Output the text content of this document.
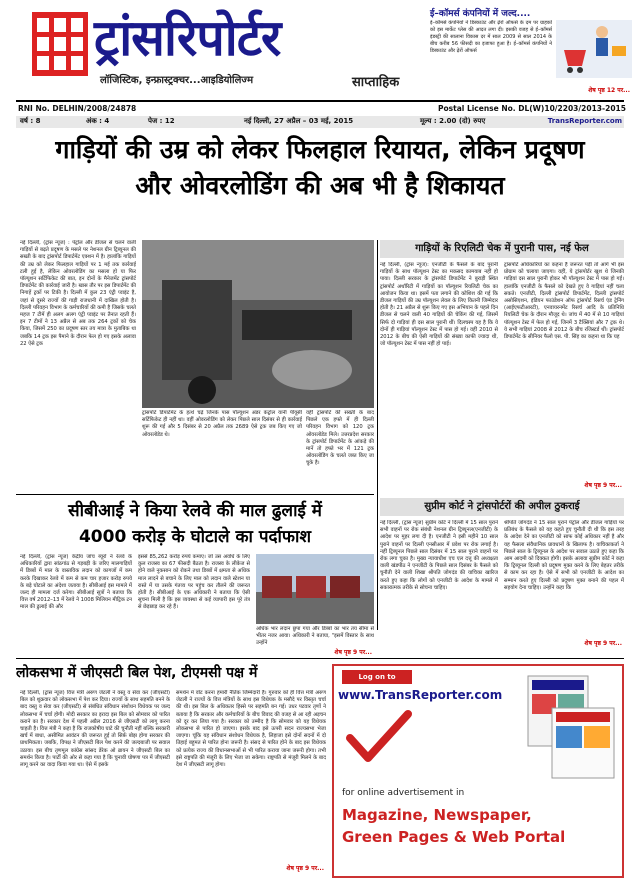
ट्रांसरिपोर्टर
लॉजिस्टिक, इन्फ्रास्ट्रक्चर...आइडियोलिज्म	साप्ताहिक
ई–कॉमर्स कंपनियों में जल्द....
ई–कॉमर्स कंपनियों ने डिस्काउंट और ढ़ेरों ऑफर्स के दम पर ग्राहकों को इस मार्केट प्लेस की आदत लगा दी। इसकी वजह से ई–कॉमर्स इंडस्ट्री की सालाना विकास दर में साल 2009 से साल 2014 के बीच करीब 56 फीसदी का इजाफा हुआ है। ई–कॉमर्स कंपनियों ने डिस्काउंट और ढ़ेरों ऑफर्स
शेष पृष्ठ 12 पर...
RNI No. DELHIN/2008/24878	Postal License No. DL(W)10/2203/2013-2015
वर्ष : 8	अंक : 4	पेज : 12	नई दिल्ली, 27 अप्रैल – 03 मई, 2015	मूल्य : 2.00 (दो) रुपए	TransReporter.com
गाड़ियों की उम्र को लेकर फिलहाल रियायत, लेकिन प्रदूषण
और ओवरलोडिंग की अब भी है शिकायत
नई दिल्ली, (ट्रांस न्यूज) : पेट्रोल और डीजल से चलने वाली गाड़ियों से बढ़ते प्रदूषण के मसले पर नेशनल ग्रीन ट्रिब्यूनल की सख्ती के बाद ट्रांसपोर्ट डिपार्टमेंट एक्शन में है। हालांकि गाड़ियों की उम्र को लेकर फिलहाल गाड़ियों पर 1 मई तक कार्रवाई टली हुई है, लेकिन ओवरलोडिंग का मसला हो या फिर पॉल्यूशन सर्टिफिकेट की बात, इन दोनों के मैनेजमेंट ट्रांसपोर्ट डिपार्टमेंट की कार्रवाई जारी है। खास तौर पर इस डिपार्टमेंट की निगाहें ट्रकों पर टिकी है। दिल्ली में कुल 23 एंट्री प्वाइंट है, जहां से दूसरे राज्यों की गाड़ी राजधानी में दाखिल होती है। दिल्ली परिवहन विभाग के कर्मचारियों की कमी है जिसके चलते महज 7 टीमें ही अलग अलग एंट्री प्वाइंट पर तैनात रहती हैं। इन 7 टीमों ने 13 अप्रैल से अब तक 264 ट्रकों को चेक किया, जिसमें 250 का प्रदूषण स्तर तय मात्रा के मुताबिक था जबकि 14 ट्रक इस पैमाने के दौरान फेल हो गए इसके अलावा 22 ऐसे ट्रक
ट्रांसपोर्ट डिपार्टमेंट के हत्थे चढ़े जिनके पास पॉल्यूशन अंडर कंट्रोल यानी पीयूसी सर्टिफिकेट ही नहीं था। वहीं ओवरलोडिंग को लेकर पिछले साल दिसंबर से ही कार्रवाई शुरू की गई और 5 दिसंबर से 20 अप्रैल तक 2689 ऐसे ट्रक जब किए गए जो ओवरलोडेड थे।
वहीं ट्रांसपोर्ट की सख्ती के बाद पिछले एक हफ्ते में ही दिल्ली परिवहन विभाग को 120 ट्रक ओवरलोडेड मिले। उत्तरप्रदेश सरकार के ट्रांसपोर्ट डिपार्टमेंट के आंकड़े की मानें तो हफ्ते भर में 121 ट्रक ओवरलोडिंग के चलते जब्त किए जा चुके है।
गाड़ियों के रिएलिटी चेक में पुरानी पास, नई फेल
नई दिल्ली, (ट्रांस न्यूज): एनजीटी के फैसले के बाद पुरानी गाड़ियों के साथ पॉल्यूशन टेस्ट का मकसद कामयाब नहीं हो पाया। दिल्ली सरकार के ट्रांसपोर्ट डिपार्टमेंट ने बुराड़ी स्थित ट्रांसपोर्ट अथॉरिटी में गाड़ियों का पॉल्यूशन रियलिटी चेक का आयोजन किया था। इसमें पता लगाने की कोशिश की गई कि डीजल गाड़ियों की उम्र पॉल्यूशन लेवल के लिए कितनी जिम्मेदार होती है। 21 अप्रैल से शुरू किए गए इस अभियान के पहले दिन डीजल से चलने वाली 40 गाड़ियों की चेकिंग की गई, जिसमें सिर्फ दो गाड़ियां ही दस साल पुरानी थीं। दिलचस्प यह है कि ये दोनों ही गाड़ियां पॉल्यूशन टेस्ट में पास हो गई। वहीं 2010 से 2012 के बीच की ऐसी गाड़ियों की संख्या काफी ज्यादा थी, जो पॉल्यूशन टेस्ट में पास नहीं हो पाई।
ट्रांसपोर्ट अधिकारियों का कहना है जरूरत पड़ी तो आगे भी इस प्रोग्राम को चलाया जाएगा। वहीं, ये ट्रांसपोर्टर खुश थे जिनकी गाड़ियां दस साल पुरानी होकर भी पॉल्यूशन टेस्ट में पास हो गईं। हालांकि एनजीटी के फैसले को देखते हुए वे गाड़ियां नहीं चला सकते। एनजीटी, दिल्ली ट्रांसपोर्ट डिपार्टमेंट, दिल्ली ट्रांसपोर्ट असोसिएशन, इंडियन फाउंडेशन ऑफ ट्रांसपोर्ट रिसर्च एंड ट्रेनिंग (आईएफटीआरटी), एनवायरनमेंट रिसर्च आदि के प्रतिनिधि रियलिटी चेक के दौरान मौजूद थे। जांच में 40 में से 10 गाड़ियां पॉल्यूशन टेस्ट में फेल हो गईं, जिनमें 3 टैक्सियां और 7 ट्रक थे। ये सभी गाड़ियां 2008 से 2012 के बीच रजिस्टर्ड थीं। ट्रांसपोर्ट डिपार्टमेंट के सीनियर फैलो एस. पी. सिंह का कहना था कि यह
शेष पृष्ठ 9 पर...
सीबीआई ने किया रेलवे की माल ढुलाई में
4000 करोड़ के घोटाले का पर्दाफाश
नई दिल्ली, (ट्रांस न्यूज) केंद्रीय जांच ब्यूरो ने रेलवे के अधिकारियों द्वारा सांठगांठ से गड़बड़ी के जरिए मालगाड़ियों में डिब्बों में माल के वास्तविक लदान को कागजों में कम करके दिखाकर रेलवे में कम से कम चार हजार करोड़ रुपये के बड़े घोटाले का अंदेशा जताया है। सीबीआई इस मामले में जल्द ही मामला दर्ज करेगा। सीबीआई सूत्रों ने बताया कि वित्त वर्ष 2012–13 में रेलवे ने 1008 मिलियन मीट्रिक टन माल की ढुलाई की और
इससे 85,262 करोड़ रुपये कमाए। जो उस अवधि के लिए कुल राजस्व का 67 फीसदी बैठता है। राजस्व के लीकेज से होने वाले नुकसान को रोकने तथा डिब्बों में क्षमता से अधिक माल लादने से बचाने के लिए माल को लदान वाले स्टेशन या रास्ते में या उसके गंतव्य पर पहुंच कर तौलने की जरूरत होती है। सीबीआई के एक अधिकारी ने बताया कि ऐसी सूचना मिली है कि इस व्यवस्था से कई व्यापारी इस पूरे तंत्र से छेड़छाड़ कर रहे हैं।
अधिक भार लदान छुपा गया और डिब्बों का भार तय सीमा से भीतर नजर आया। अधिकारी ने बताया, "इसमें विस्तार के साथ उन्होंने
शेष पृष्ठ 9 पर...
सुप्रीम कोर्ट ने ट्रांसपोर्टरों की अपील ठुकराई
नई दिल्ली, (ट्रांस न्यूज) सुप्रीम कोर्ट ने दिल्ली में 15 साल पुराने सभी वाहनों पर रोक संबंधी नेशनल ग्रीन ट्रिब्यूनल(एनजीटी) के आदेश पर मुहर लगा दी है। एनजीटी ने इसी महीने 10 साल पुराने वाहनों पर दिल्ली एनसीआर में प्रवेश पर रोक लगाई है। नहीं ट्रिब्यूनल पिछले साल दिसंबर में 15 साल पुराने वाहनों पर रोक लगा चुका है। मुख्य न्यायाधीश एच एल दत्तू की अध्यक्षता वाली खंडपीठ ने एनजीटी के पिछले साल दिसंबर के फैसले को चुनौती देने वाली शिखा श्रीपति जोगदंड की याचिका खारिज करते हुए कहा कि लोगों को एनजीटी के आदेश के मामले में सकारात्मक तरीके से सोचना चाहिए।
श्रीपति जोगदंड ने 15 साल पुराने पेट्रोल और डीजल गाड़ियों पर प्रतिबंध के फैसले को यह कहते हुए चुनौती दी थी कि इस तरह के आदेश देने का एनजीटी को साफ कोई अधिकार नहीं है और यह फैसला संवैधानिक प्रावधानों के खिलाफ है। याचिकाकर्ता ने पिछले साल के ट्रिब्यूनल के आदेश पर सवाल उठाते हुए कहा कि आम आदमी को दिक्कत होगी। इसके अलावा सुप्रीम कोर्ट ने कहा कि ट्रिब्यूनल दिल्ली को प्रदूषण मुक्त करने के लिए बेहतर तरीके से काम कर रहा है। ऐसे में सभी को एनजीटी के आदेश का सम्मान करते हुए दिल्ली को प्रदूषण मुक्त बनाने की पहल में सहयोग देना चाहिए। उन्होंने कहा कि
शेष पृष्ठ 9 पर...
लोकसभा में जीएसटी बिल पेश, टीएमसी पक्ष में
नई दिल्ली, (ट्रांस न्यूज) वित्त मंत्री अरुण जेटली ने वस्तु व सेवा कर (जीएसटी) बिल को शुक्रवार को लोकसभा में पेश कर दिया। राज्यों के साथ सहमति बनने के बाद वस्तु व सेवा कर (जीएसटी) से संबंधित संविधान संशोधन विधेयक पर जल्द लोकसभा में चर्चा होगी। मोदी सरकार का इरादा इस बिल को सोमवार को पारित कराने का है। सरकार देश में पहली अप्रैल 2016 से जीएसटी को लागू करना चाहती है। वित्त मंत्री ने कहा है कि राजकोषीय घाटे की चुनौती नहीं बल्कि सरकारी खर्च में बाधा, असीमित आवंटन की जरूरत हुई तो सिर्फ़ बोझ होगा सरकार की प्राथमिकता। जबकि, विपक्ष ने जीएसटी बिल पेश करने की जल्दबाजी पर सवाल उठाया। इस बीच तृणमूल कांग्रेस सांसद डेरेक ओ ब्रायन ने जीएसटी बिल का समर्थन किया है। पार्टी की ओर से कहा गया है कि चुनावी घोषणा पत्र में जीएसटी लागू करने का वादा किया गया था। ऐसे में इसके
समर्थन में वोट करना हमारी नैतिक जिम्मेदारी है। गुरुवार को ही वित्त मंत्री अरुण जेटली ने राज्यों के वित्त मंत्रियों के साथ इस विधेयक के मसौदे पर विस्तृत चर्चा की थी। इस बिल के अधिकतर हिस्से पर सहमति बन गई। उधर पटवार तृणों ने बताया है कि सरकार और कर्मचारियों के बीच विवाद की वजह से आ रही अड़चन को दूर कर लिया गया है। सरकार को उम्मीद है कि सोमवार को यह विधेयक लोकसभा से पारित हो जाएगा। इसके बाद इसे ऊपरी सदन राज्यसभा भेजा जाएगा। चूंकि यह संविधान संशोधन विधेयक है, लिहाजा इसे दोनों सदनों में दो तिहाई बहुमत से पारित होना जरूरी है। संसद से पारित होने के बाद इस विधेयक को प्रत्येक राज्य की विधानसभाओं से भी पारित कराया जाना जरूरी होगा। तभी इसे राष्ट्रपति की मंजूरी के लिए भेजा जा सकेगा। राष्ट्रपति से मंजूरी मिलने के बाद देश में जीएसटी लागू होगा।
शेष पृष्ठ 9 पर...
Log on to
www.TransReporter.com
for online advertisement in
Magazine, Newspaper,
Green Pages & Web Portal
